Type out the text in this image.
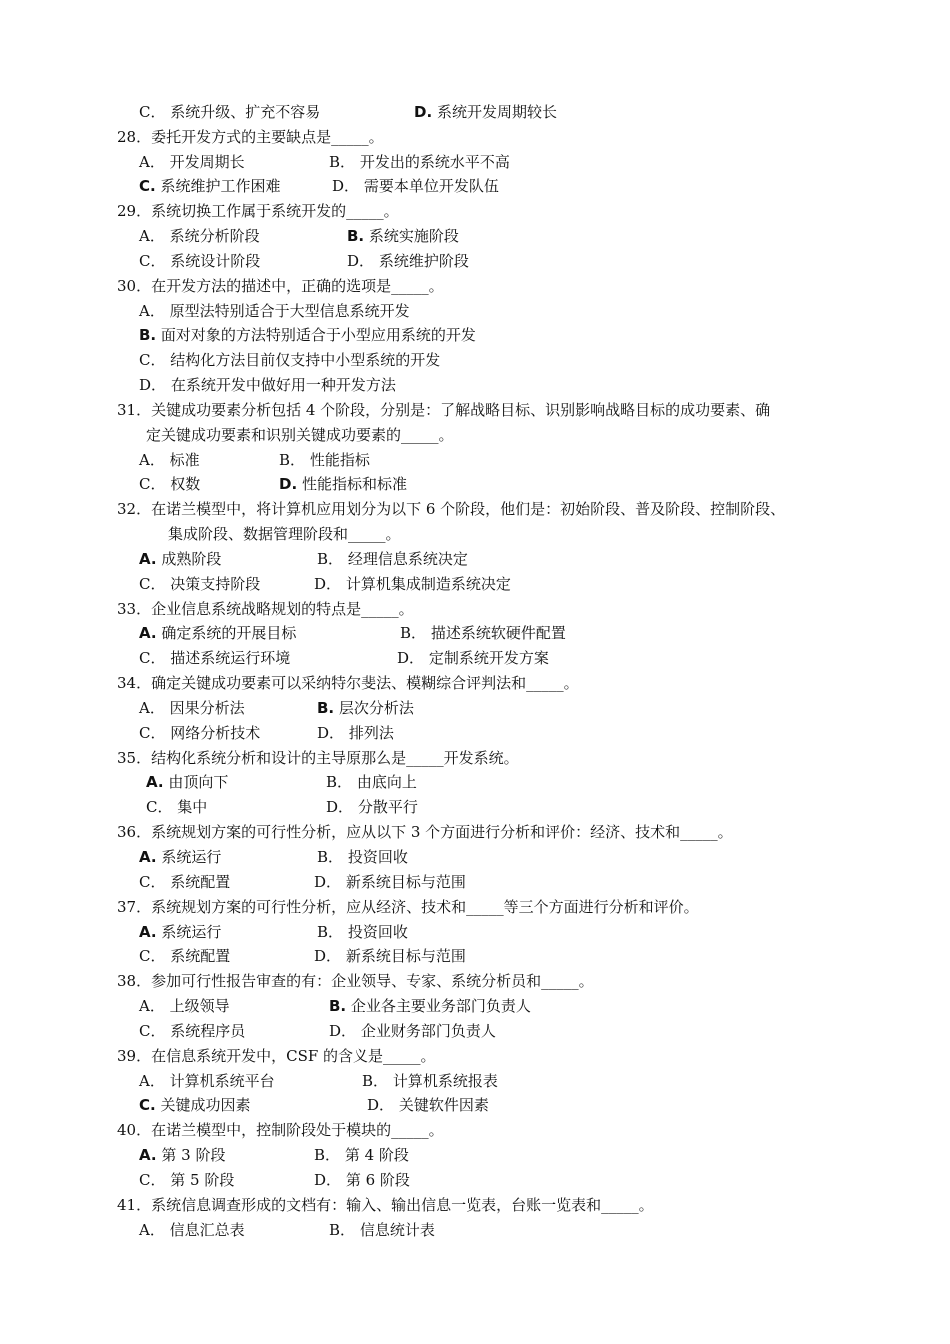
C． 系统升级、扩充不容易	D. 系统开发周期较长
28．委托开发方式的主要缺点是_____。
A． 开发周期长	B． 开发出的系统水平不高
C. 系统维护工作困难	D． 需要本单位开发队伍
29．系统切换工作属于系统开发的_____。
A． 系统分析阶段	B. 系统实施阶段
C． 系统设计阶段	D． 系统维护阶段
30．在开发方法的描述中，正确的选项是_____。
A． 原型法特别适合于大型信息系统开发
B. 面对对象的方法特别适合于小型应用系统的开发
C． 结构化方法目前仅支持中小型系统的开发
D． 在系统开发中做好用一种开发方法
31．关键成功要素分析包括 4 个阶段，分别是：了解战略目标、识别影响战略目标的成功要素、确
定关键成功要素和识别关键成功要素的_____。
A． 标准	B． 性能指标
C． 权数	D. 性能指标和标准
32．在诺兰模型中，将计算机应用划分为以下 6 个阶段，他们是：初始阶段、普及阶段、控制阶段、
集成阶段、数据管理阶段和_____。
A. 成熟阶段	B． 经理信息系统决定
C． 决策支持阶段	D． 计算机集成制造系统决定
33．企业信息系统战略规划的特点是_____。
A. 确定系统的开展目标	B． 描述系统软硬件配置
C． 描述系统运行环境	D． 定制系统开发方案
34．确定关键成功要素可以采纳特尔斐法、模糊综合评判法和_____。
A． 因果分析法	B. 层次分析法
C． 网络分析技术	D． 排列法
35．结构化系统分析和设计的主导原那么是_____开发系统。
A. 由顶向下	B． 由底向上
C． 集中	D． 分散平行
36．系统规划方案的可行性分析，应从以下 3 个方面进行分析和评价：经济、技术和_____。
A. 系统运行	B． 投资回收
C． 系统配置	D． 新系统目标与范围
37．系统规划方案的可行性分析，应从经济、技术和_____等三个方面进行分析和评价。
A. 系统运行	B． 投资回收
C． 系统配置	D． 新系统目标与范围
38．参加可行性报告审查的有：企业领导、专家、系统分析员和_____。
A． 上级领导	B. 企业各主要业务部门负责人
C． 系统程序员	D． 企业财务部门负责人
39．在信息系统开发中，CSF 的含义是_____。
A． 计算机系统平台	B． 计算机系统报表
C. 关键成功因素	D． 关键软件因素
40．在诺兰模型中，控制阶段处于模块的_____。
A. 第 3 阶段	B． 第 4 阶段
C． 第 5 阶段	D． 第 6 阶段
41．系统信息调查形成的文档有：输入、输出信息一览表，台账一览表和_____。
A． 信息汇总表	B． 信息统计表
